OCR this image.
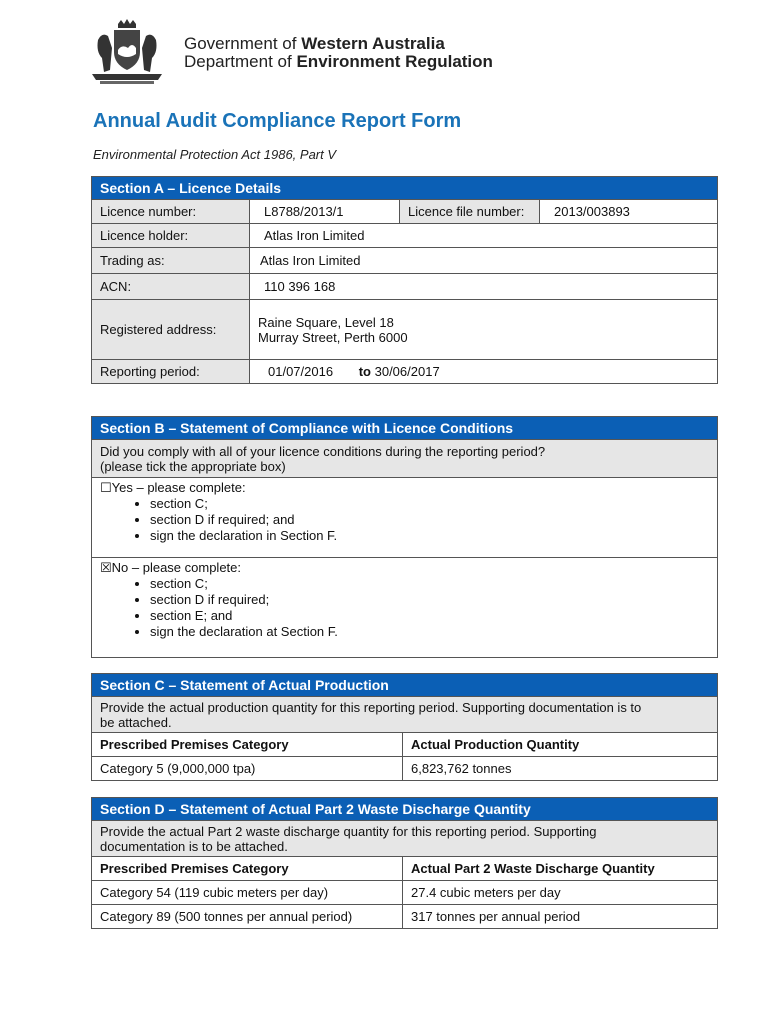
Government of Western Australia
Department of Environment Regulation
Annual Audit Compliance Report Form
Environmental Protection Act 1986, Part V
Section A – Licence Details			
Licence number:	L8788/2013/1	Licence file number:	2013/003893
Licence holder:	Atlas Iron Limited		
Trading as:	Atlas Iron Limited		
ACN:	110 396 168		
Registered address:	Raine Square, Level 18
Murray Street, Perth 6000		

Reporting period:	01/07/2016 to 30/06/2017		
Section B – Statement of Compliance with Licence Conditions

Did you comply with all of your licence conditions during the reporting period?
(please tick the appropriate box)

☐Yes – please complete:
• section C;
• section D if required; and
• sign the declaration in Section F.

☒No – please complete:
• section C;
• section D if required;
• section E; and
• sign the declaration at Section F.
Section C – Statement of Actual Production	

Provide the actual production quantity for this reporting period. Supporting documentation is to
be attached.	

Prescribed Premises Category	Actual Production Quantity
Category 5 (9,000,000 tpa)	6,823,762 tonnes
Section D – Statement of Actual Part 2 Waste Discharge Quantity	

Provide the actual Part 2 waste discharge quantity for this reporting period. Supporting
documentation is to be attached.	

Prescribed Premises Category	Actual Part 2 Waste Discharge Quantity
Category 54 (119 cubic meters per day)	27.4 cubic meters per day
Category 89 (500 tonnes per annual period)	317 tonnes per annual period
